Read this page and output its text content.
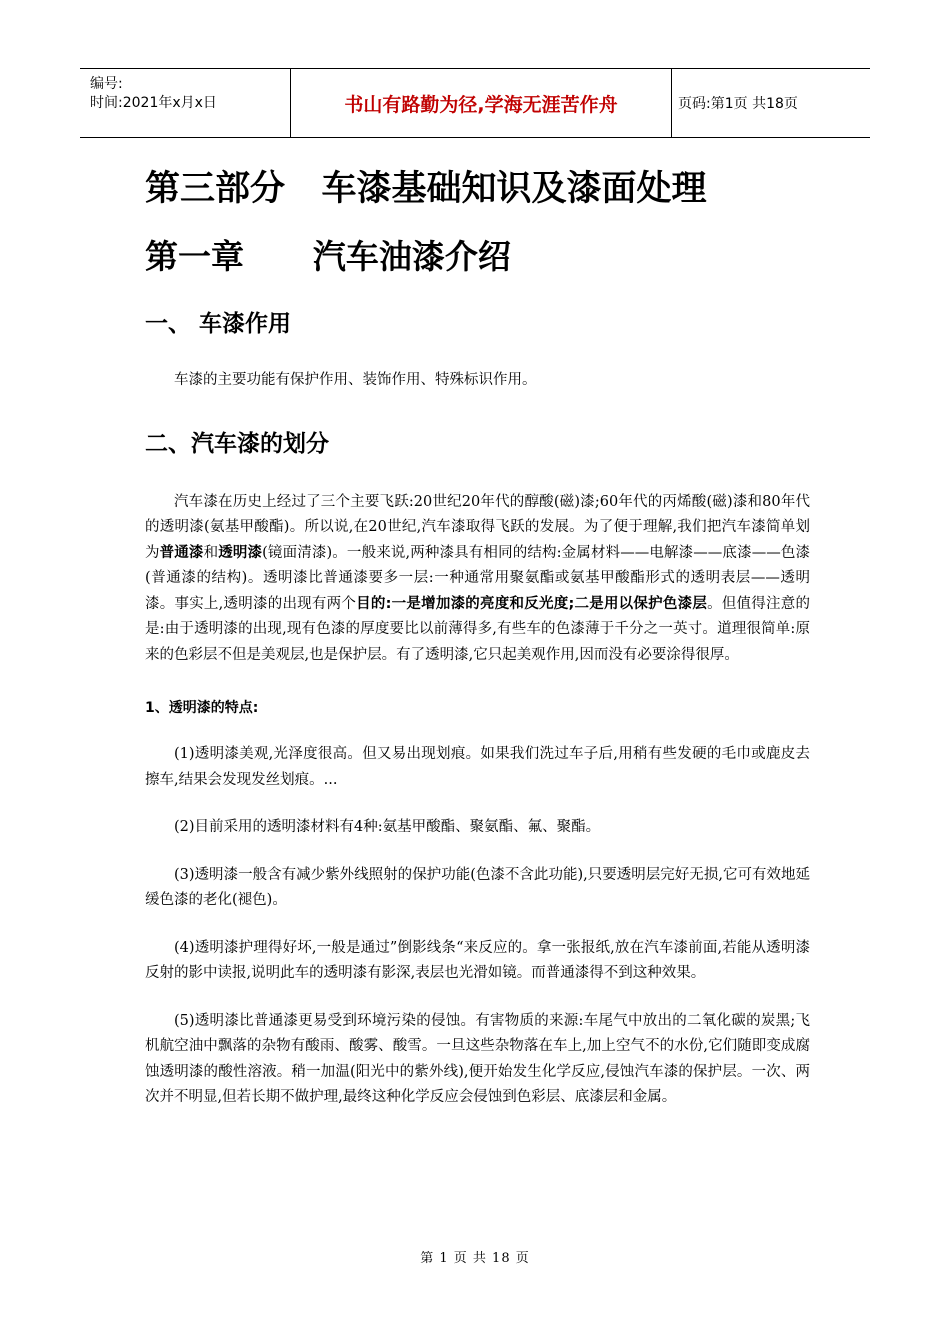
编号:
时间:2021年x月x日	书山有路勤为径,学海无涯苦作舟	页码:第1页 共18页
第三部分   车漆基础知识及漆面处理
第一章      汽车油漆介绍
一、 车漆作用

车漆的主要功能有保护作用、装饰作用、特殊标识作用。

二、汽车漆的划分

汽车漆在历史上经过了三个主要飞跃:20世纪20年代的醇酸(磁)漆;60年代的丙烯酸(磁)漆和80年代的透明漆(氨基甲酸酯)。所以说,在20世纪,汽车漆取得飞跃的发展。为了便于理解,我们把汽车漆简单划为普通漆和透明漆(镜面清漆)。一般来说,两种漆具有相同的结构:金属材料——电解漆——底漆——色漆(普通漆的结构)。透明漆比普通漆要多一层:一种通常用聚氨酯或氨基甲酸酯形式的透明表层——透明漆。事实上,透明漆的出现有两个目的:一是增加漆的亮度和反光度;二是用以保护色漆层。但值得注意的是:由于透明漆的出现,现有色漆的厚度要比以前薄得多,有些车的色漆薄于千分之一英寸。道理很简单:原来的色彩层不但是美观层,也是保护层。有了透明漆,它只起美观作用,因而没有必要涂得很厚。

1、透明漆的特点:

(1)透明漆美观,光泽度很高。但又易出现划痕。如果我们洗过车子后,用稍有些发硬的毛巾或鹿皮去擦车,结果会发现发丝划痕。...

(2)目前采用的透明漆材料有4种:氨基甲酸酯、聚氨酯、氟、聚酯。

(3)透明漆一般含有减少紫外线照射的保护功能(色漆不含此功能),只要透明层完好无损,它可有效地延缓色漆的老化(褪色)。

(4)透明漆护理得好坏,一般是通过”倒影线条“来反应的。拿一张报纸,放在汽车漆前面,若能从透明漆反射的影中读报,说明此车的透明漆有影深,表层也光滑如镜。而普通漆得不到这种效果。

(5)透明漆比普通漆更易受到环境污染的侵蚀。有害物质的来源:车尾气中放出的二氧化碳的炭黑;飞机航空油中飘落的杂物有酸雨、酸雾、酸雪。一旦这些杂物落在车上,加上空气不的水份,它们随即变成腐蚀透明漆的酸性溶液。稍一加温(阳光中的紫外线),便开始发生化学反应,侵蚀汽车漆的保护层。一次、两次并不明显,但若长期不做护理,最终这种化学反应会侵蚀到色彩层、底漆层和金属。

第 1 页 共 18 页
